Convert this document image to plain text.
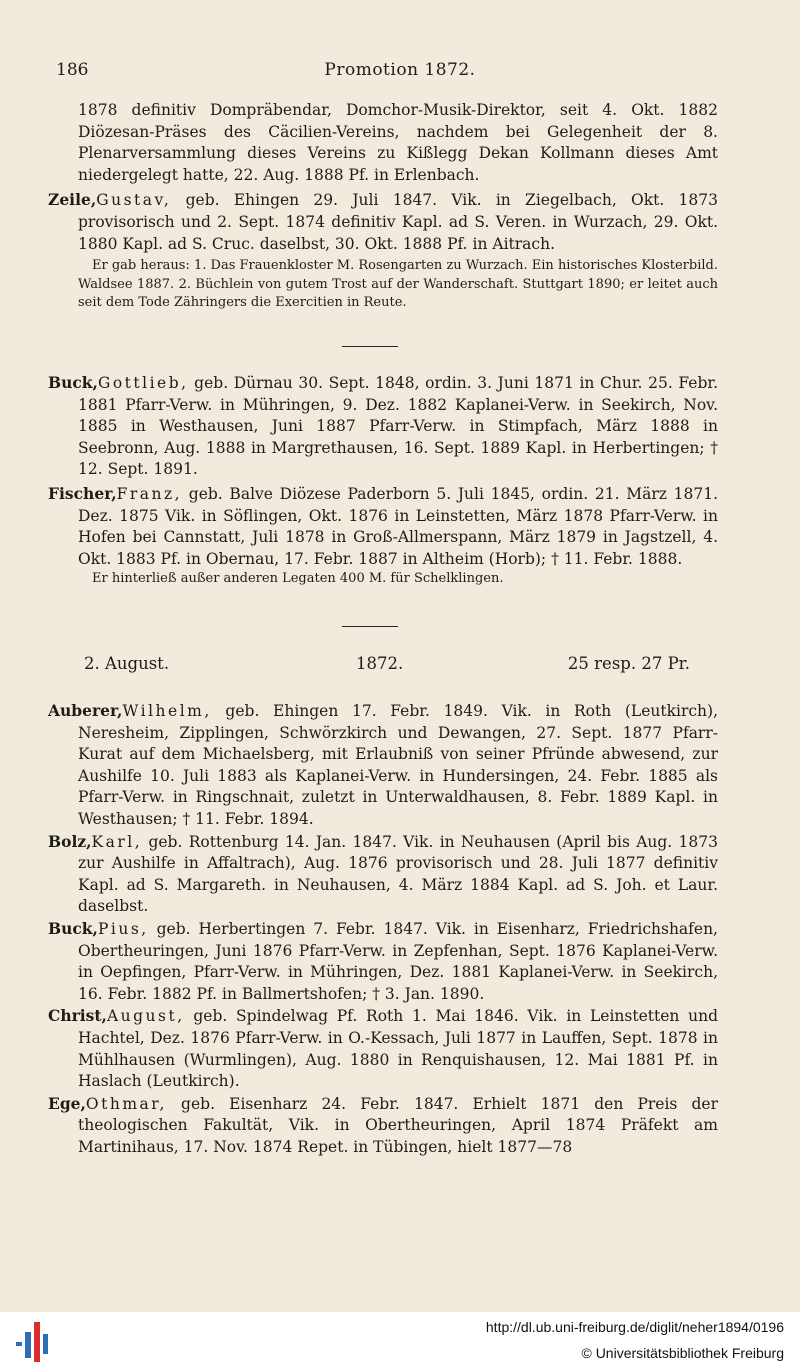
186	Promotion 1872.

1878 definitiv Dompräbendar, Domchor-Musik-Direktor, seit 4. Okt. 1882 Diözesan-Präses des Cäcilien-Vereins, nachdem bei Gelegenheit der 8. Plenarversammlung dieses Vereins zu Kißlegg Dekan Kollmann dieses Amt niedergelegt hatte, 22. Aug. 1888 Pf. in Erlenbach.

Zeile,Gustav, geb. Ehingen 29. Juli 1847. Vik. in Ziegelbach, Okt. 1873 provisorisch und 2. Sept. 1874 definitiv Kapl. ad S. Veren. in Wurzach, 29. Okt. 1880 Kapl. ad S. Cruc. daselbst, 30. Okt. 1888 Pf. in Aitrach.

Er gab heraus: 1. Das Frauenkloster M. Rosengarten zu Wurzach. Ein historisches Klosterbild. Waldsee 1887. 2. Büchlein von gutem Trost auf der Wanderschaft. Stuttgart 1890; er leitet auch seit dem Tode Zähringers die Exercitien in Reute.

Buck,Gottlieb, geb. Dürnau 30. Sept. 1848, ordin. 3. Juni 1871 in Chur. 25. Febr. 1881 Pfarr-Verw. in Mühringen, 9. Dez. 1882 Kaplanei-Verw. in Seekirch, Nov. 1885 in Westhausen, Juni 1887 Pfarr-Verw. in Stimpfach, März 1888 in Seebronn, Aug. 1888 in Margrethausen, 16. Sept. 1889 Kapl. in Herbertingen; † 12. Sept. 1891.

Fischer,Franz, geb. Balve Diözese Paderborn 5. Juli 1845, ordin. 21. März 1871. Dez. 1875 Vik. in Söflingen, Okt. 1876 in Leinstetten, März 1878 Pfarr-Verw. in Hofen bei Cannstatt, Juli 1878 in Groß-Allmerspann, März 1879 in Jagstzell, 4. Okt. 1883 Pf. in Obernau, 17. Febr. 1887 in Altheim (Horb); † 11. Febr. 1888.

Er hinterließ außer anderen Legaten 400 M. für Schelklingen.

2. August.	1872.	25 resp. 27 Pr.

Auberer,Wilhelm, geb. Ehingen 17. Febr. 1849. Vik. in Roth (Leutkirch), Neresheim, Zipplingen, Schwörzkirch und Dewangen, 27. Sept. 1877 Pfarr-Kurat auf dem Michaelsberg, mit Erlaubniß von seiner Pfründe abwesend, zur Aushilfe 10. Juli 1883 als Kaplanei-Verw. in Hundersingen, 24. Febr. 1885 als Pfarr-Verw. in Ringschnait, zuletzt in Unterwaldhausen, 8. Febr. 1889 Kapl. in Westhausen; † 11. Febr. 1894.

Bolz,Karl, geb. Rottenburg 14. Jan. 1847. Vik. in Neuhausen (April bis Aug. 1873 zur Aushilfe in Affaltrach), Aug. 1876 provisorisch und 28. Juli 1877 definitiv Kapl. ad S. Margareth. in Neuhausen, 4. März 1884 Kapl. ad S. Joh. et Laur. daselbst.

Buck,Pius, geb. Herbertingen 7. Febr. 1847. Vik. in Eisenharz, Friedrichshafen, Obertheuringen, Juni 1876 Pfarr-Verw. in Zepfenhan, Sept. 1876 Kaplanei-Verw. in Oepfingen, Pfarr-Verw. in Mühringen, Dez. 1881 Kaplanei-Verw. in Seekirch, 16. Febr. 1882 Pf. in Ballmertshofen; † 3. Jan. 1890.

Christ,August, geb. Spindelwag Pf. Roth 1. Mai 1846. Vik. in Leinstetten und Hachtel, Dez. 1876 Pfarr-Verw. in O.-Kessach, Juli 1877 in Lauffen, Sept. 1878 in Mühlhausen (Wurmlingen), Aug. 1880 in Renquishausen, 12. Mai 1881 Pf. in Haslach (Leutkirch).

Ege,Othmar, geb. Eisenharz 24. Febr. 1847. Erhielt 1871 den Preis der theologischen Fakultät, Vik. in Obertheuringen, April 1874 Präfekt am Martinihaus, 17. Nov. 1874 Repet. in Tübingen, hielt 1877—78

http://dl.ub.uni-freiburg.de/diglit/neher1894/0196
© Universitätsbibliothek Freiburg
